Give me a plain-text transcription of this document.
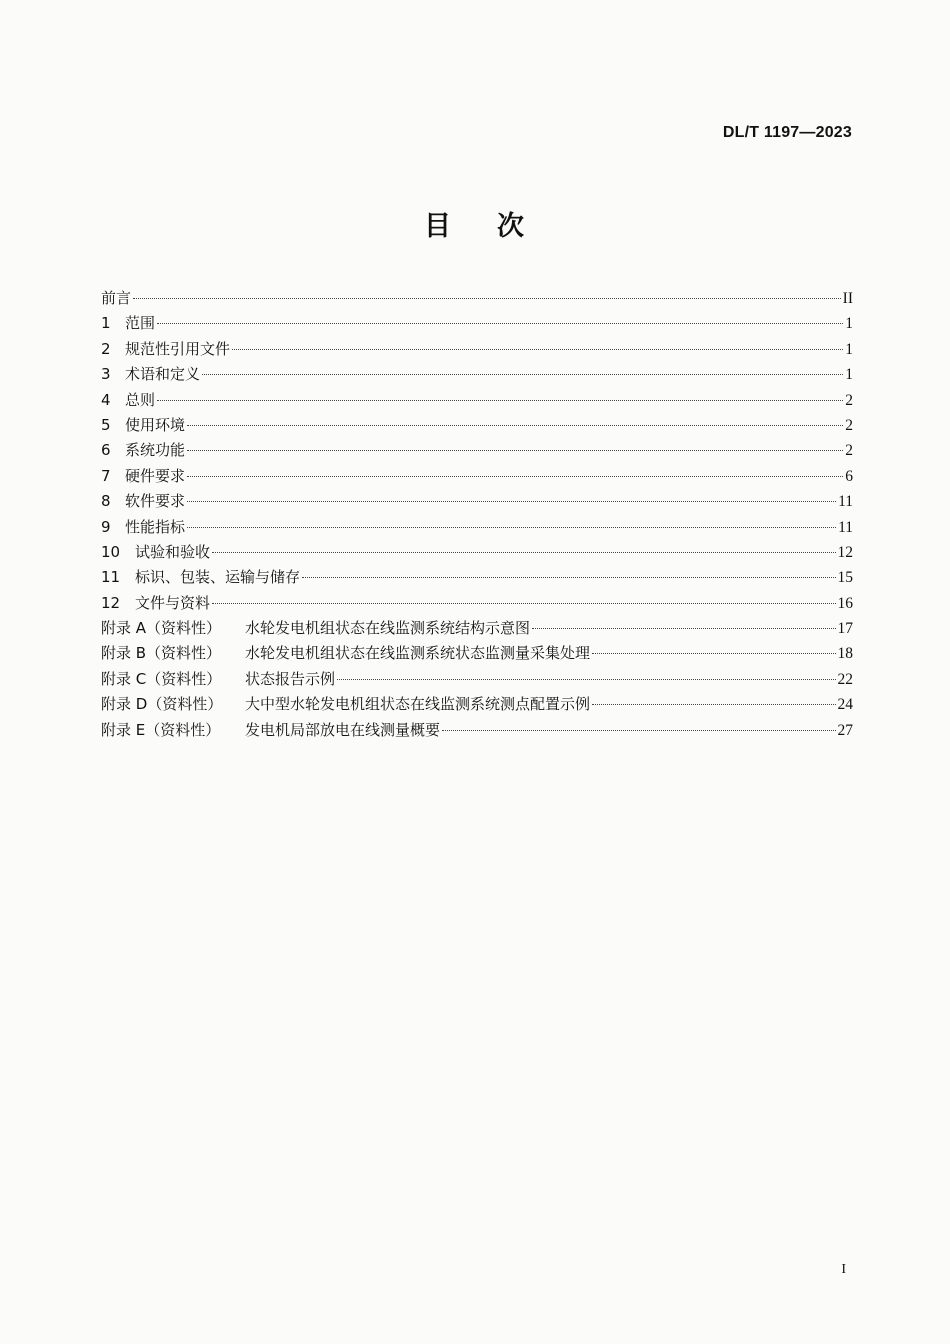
DL/T 1197—2023
目 次
前言	II
1 范围	1
2 规范性引用文件	1
3 术语和定义	1
4 总则	2
5 使用环境	2
6 系统功能	2
7 硬件要求	6
8 软件要求	11
9 性能指标	11
10 试验和验收	12
11 标识、包装、运输与储存	15
12 文件与资料	16
附录 A（资料性）	水轮发电机组状态在线监测系统结构示意图	17
附录 B（资料性）	水轮发电机组状态在线监测系统状态监测量采集处理	18
附录 C（资料性）	状态报告示例	22
附录 D（资料性）	大中型水轮发电机组状态在线监测系统测点配置示例	24
附录 E（资料性）	发电机局部放电在线测量概要	27
I
